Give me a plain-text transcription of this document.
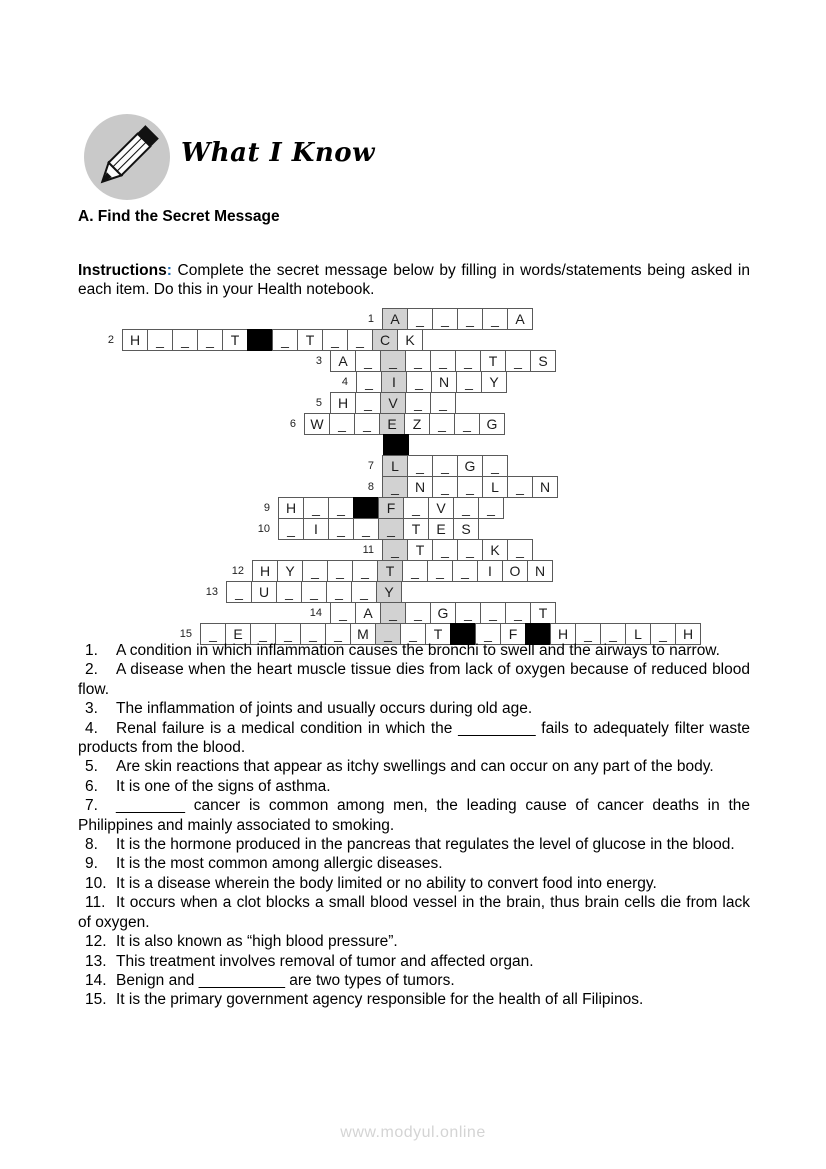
What I Know
A. Find the Secret Message

Instructions: Complete the secret message below by filling in words/statements being asked in each item. Do this in your Health notebook.

1 A _ _ _ _ A
2 H _ _ _ T	_ T _ _ C K
3 A _ _ _ _ _ T _ S
4 _ I _ N _ Y
5 H _ V _ _
6 W _ _ E Z _ _ G
7 L _ _ G _
8 _ N _ _ L _ N
9 H _ _	F _ V _ _
10 _ I _ _ _ T E S
11 _ T _ _ K _
12 H Y _ _ _ T _ _ _ I O N
13 _ U _ _ _ _ Y
14 _ A _ _ G _ _ _ T
15 _ E _ _ _ _ M _ _ T	_ F	H _ _ L _ H

1. A condition in which inflammation causes the bronchi to swell and the airways to narrow.

2. A disease when the heart muscle tissue dies from lack of oxygen because of reduced blood flow.

3. The inflammation of joints and usually occurs during old age.

4. Renal failure is a medical condition in which the _________ fails to adequately filter waste products from the blood.

5. Are skin reactions that appear as itchy swellings and can occur on any part of the body.

6. It is one of the signs of asthma.

7. ________ cancer is common among men, the leading cause of cancer deaths in the Philippines and mainly associated to smoking.

8. It is the hormone produced in the pancreas that regulates the level of glucose in the blood.

9. It is the most common among allergic diseases.

10. It is a disease wherein the body limited or no ability to convert food into energy.

11. It occurs when a clot blocks a small blood vessel in the brain, thus brain cells die from lack of oxygen.

12. It is also known as “high blood pressure”.

13. This treatment involves removal of tumor and affected organ.

14. Benign and __________ are two types of tumors.

15. It is the primary government agency responsible for the health of all Filipinos.

www.modyul.online
